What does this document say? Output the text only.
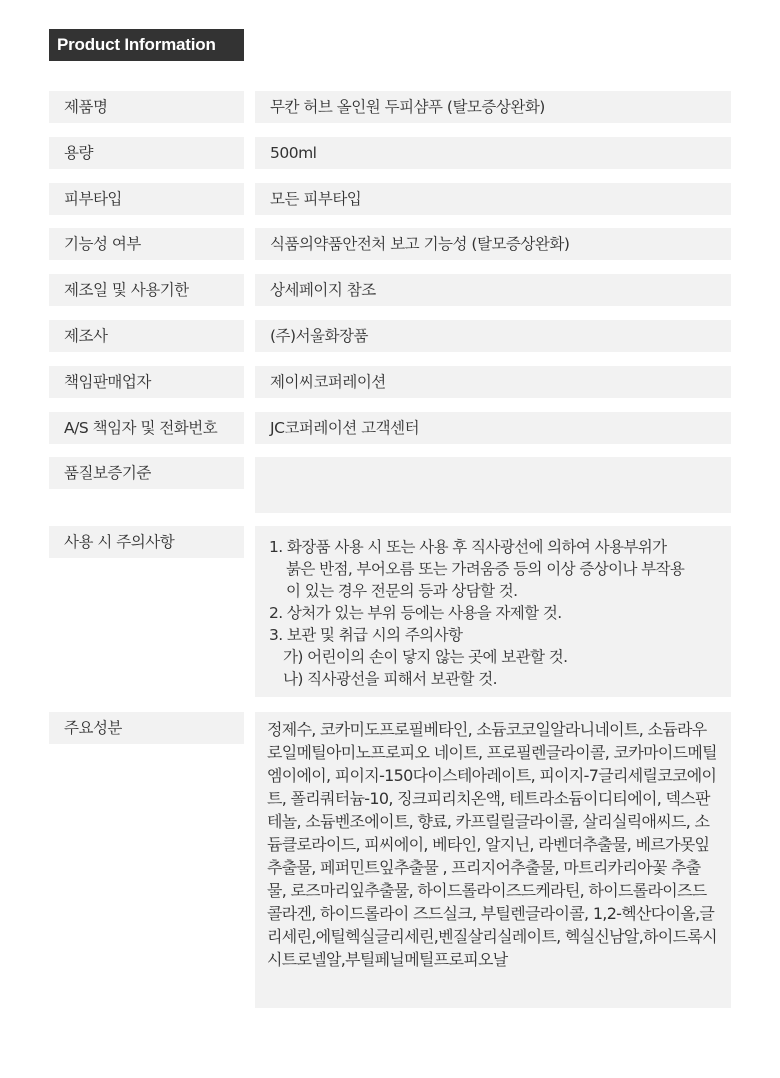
Product Information
제품명	무칸 허브 올인원 두피샴푸 (탈모증상완화)
용량	500ml
피부타입	모든 피부타입
기능성 여부	식품의약품안전처 보고 기능성 (탈모증상완화)
제조일 및 사용기한	상세페이지 참조
제조사	(주)서울화장품
책임판매업자	제이씨코퍼레이션
A/S 책임자 및 전화번호	JC코퍼레이션 고객센터
품질보증기준
사용 시 주의사항	1. 화장품 사용 시 또는 사용 후 직사광선에 의하여 사용부위가
붉은 반점, 부어오름 또는 가려움증 등의 이상 증상이나 부작용
이 있는 경우 전문의 등과 상담할 것.
2. 상처가 있는 부위 등에는 사용을 자제할 것.
3. 보관 및 취급 시의 주의사항
가) 어린이의 손이 닿지 않는 곳에 보관할 것.
나) 직사광선을 피해서 보관할 것.
주요성분	정제수, 코카미도프로필베타인, 소듐코코일알라니네이트, 소듐라우로일메틸아미노프로피오 네이트, 프로필렌글라이콜, 코카마이드메틸엠이에이, 피이지-150다이스테아레이트, 피이지-7글리세릴코코에이트, 폴리쿼터늄-10, 징크피리치온액, 테트라소듐이디티에이, 덱스판테놀, 소듐벤조에이트, 향료, 카프릴릴글라이콜, 살리실릭애씨드, 소듐클로라이드, 피씨에이, 베타인, 알지닌, 라벤더추출물, 베르가못잎추출물, 페퍼민트잎추출물 , 프리지어추출물, 마트리카리아꽃 추출물, 로즈마리잎추출물, 하이드롤라이즈드케라틴, 하이드롤라이즈드콜라겐, 하이드롤라이 즈드실크, 부틸렌글라이콜, 1,2-헥산다이올,글리세린,에틸헥실글리세린,벤질살리실레이트, 헥실신남알,하이드록시시트로넬알,부틸페닐메틸프로피오날
